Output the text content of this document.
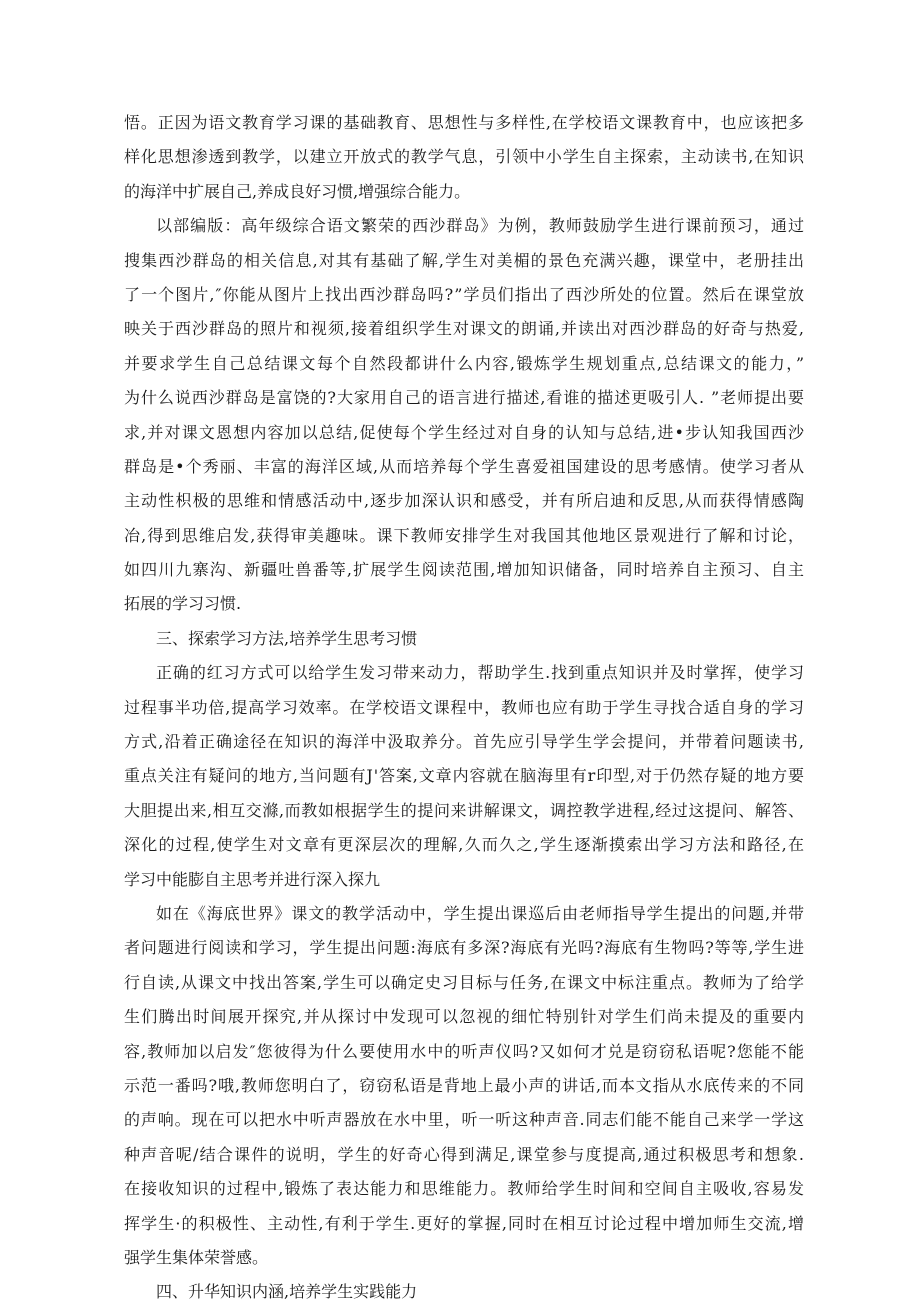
悟。正因为语文教育学习课的基础教育、思想性与多样性,在学校语文课教育中，也应该把多
样化思想渗透到教学，以建立开放式的教学气息，引领中小学生自主探索，主动读书,在知识
的海洋中扩展自己,养成良好习惯,增强综合能力。
以部编版：高年级综合语文繁荣的西沙群岛》为例，教师鼓励学生进行课前预习，通过
搜集西沙群岛的相关信息,对其有基础了解,学生对美楣的景色充满兴趣，课堂中，老册挂出
了一个图片,″你能从图片上找出西沙群岛吗?”学员们指出了西沙所处的位置。然后在课堂放
映关于西沙群岛的照片和视须,接着组织学生对课文的朗诵,并读出对西沙群岛的好奇与热爱,
并要求学生自己总结课文每个自然段都讲什么内容,锻炼学生规划重点,总结课文的能力，”
为什么说西沙群岛是富饶的?大家用自己的语言进行描述,看谁的描述更吸引人. ”老师提出要
求,并对课文恩想内容加以总结,促使每个学生经过对自身的认知与总结,进•步认知我国西沙
群岛是•个秀丽、丰富的海洋区域,从而培养每个学生喜爱祖国建设的思考感情。使学习者从
主动性枳极的思维和情感活动中,逐步加深认识和感受，并有所启迪和反思,从而获得情感陶
冶,得到思维启发,获得审美趣味。课下教师安排学生对我国其他地区景观进行了解和讨论，
如四川九寨沟、新疆吐兽番等,扩展学生阅读范围,增加知识储备，同时培养自主预习、自主
拓展的学习习惯.
三、探索学习方法,培养学生思考习惯
正确的红习方式可以给学生发习带来动力，帮助学生.找到重点知识并及时掌挥，使学习
过程事半功倍,提高学习效率。在学校语文课程中，教师也应有助于学生寻找合适自身的学习
方式,沿着正确途径在知识的海洋中汲取养分。首先应引导学生学会提问，并带着问题读书,
重点关注有疑问的地方,当问题有J'答案,文章内容就在脑海里有r印型,对于仍然存疑的地方要
大胆提出来,相互交滌,而教如根据学生的提问来讲解课文，调控教学进程,经过这提问、解答、
深化的过程,使学生对文章有更深层次的理解,久而久之,学生逐渐摸索出学习方法和路径,在
学习中能膨自主思考并进行深入探九
如在《海底世界》课文的教学活动中，学生提出课巡后由老师指导学生提出的问题,并带
者问题进行阅读和学习，学生提出问题:海底有多深?海底有光吗?海底有生物吗?等等,学生进
行自读,从课文中找出答案,学生可以确定史习目标与任务,在课文中标注重点。教师为了给学
生们腾出时间展开探究,并从探讨中发现可以忽视的细忙特别针对学生们尚未提及的重要内
容,教师加以启发″您彼得为什么要使用水中的听声仪吗?又如何才兑是窃窃私语呢?您能不能
示范一番吗?哦,教师您明白了，窃窃私语是背地上最小声的讲话,而本文指从水底传来的不同
的声响。现在可以把水中听声器放在水中里，听一听这种声音.同志们能不能自己来学一学这
种声音呢/结合课件的说明，学生的好奇心得到满足,课堂参与度提高,通过积极思考和想象.
在接收知识的过程中,锻炼了表达能力和思维能力。教师给学生时间和空间自主吸收,容易发
挥学生·的积极性、主动性,有利于学生.更好的掌握,同时在相互讨论过程中增加师生交流,增
强学生集体荣誉感。
四、升华知识内涵,培养学生实践能力
